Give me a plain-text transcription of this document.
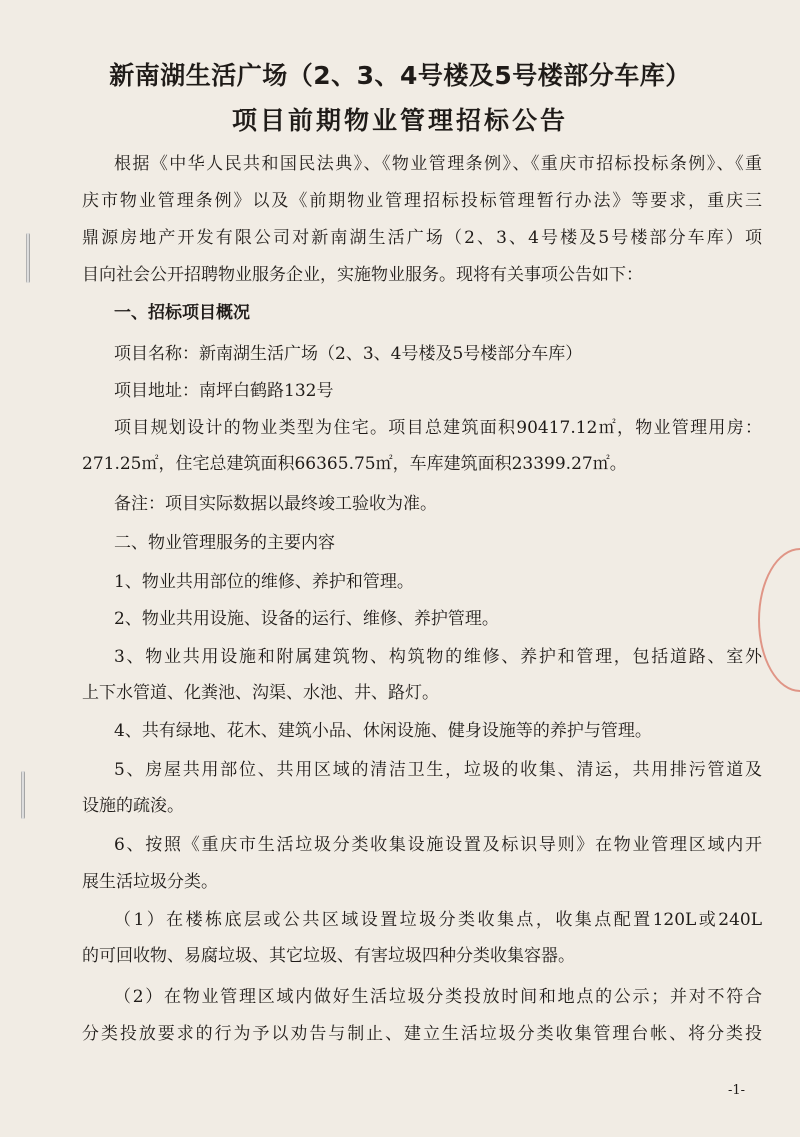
新南湖生活广场（2、3、4号楼及5号楼部分车库）
项目前期物业管理招标公告
根据《中华人民共和国民法典》、《物业管理条例》、《重庆市招标投标条例》、《重
庆市物业管理条例》以及《前期物业管理招标投标管理暂行办法》等要求，重庆三
鼎源房地产开发有限公司对新南湖生活广场（2、3、4号楼及5号楼部分车库）项
目向社会公开招聘物业服务企业，实施物业服务。现将有关事项公告如下：
一、招标项目概况
项目名称：新南湖生活广场（2、3、4号楼及5号楼部分车库）
项目地址：南坪白鹤路132号
项目规划设计的物业类型为住宅。项目总建筑面积90417.12㎡，物业管理用房：
271.25㎡，住宅总建筑面积66365.75㎡，车库建筑面积23399.27㎡。
备注：项目实际数据以最终竣工验收为准。
二、物业管理服务的主要内容
1、物业共用部位的维修、养护和管理。
2、物业共用设施、设备的运行、维修、养护管理。
3、物业共用设施和附属建筑物、构筑物的维修、养护和管理，包括道路、室外
上下水管道、化粪池、沟渠、水池、井、路灯。
4、共有绿地、花木、建筑小品、休闲设施、健身设施等的养护与管理。
5、房屋共用部位、共用区域的清洁卫生，垃圾的收集、清运，共用排污管道及
设施的疏浚。
6、按照《重庆市生活垃圾分类收集设施设置及标识导则》在物业管理区域内开
展生活垃圾分类。
（1）在楼栋底层或公共区域设置垃圾分类收集点，收集点配置120L或240L
的可回收物、易腐垃圾、其它垃圾、有害垃圾四种分类收集容器。
（2）在物业管理区域内做好生活垃圾分类投放时间和地点的公示；并对不符合
分类投放要求的行为予以劝告与制止、建立生活垃圾分类收集管理台帐、将分类投
-1-
